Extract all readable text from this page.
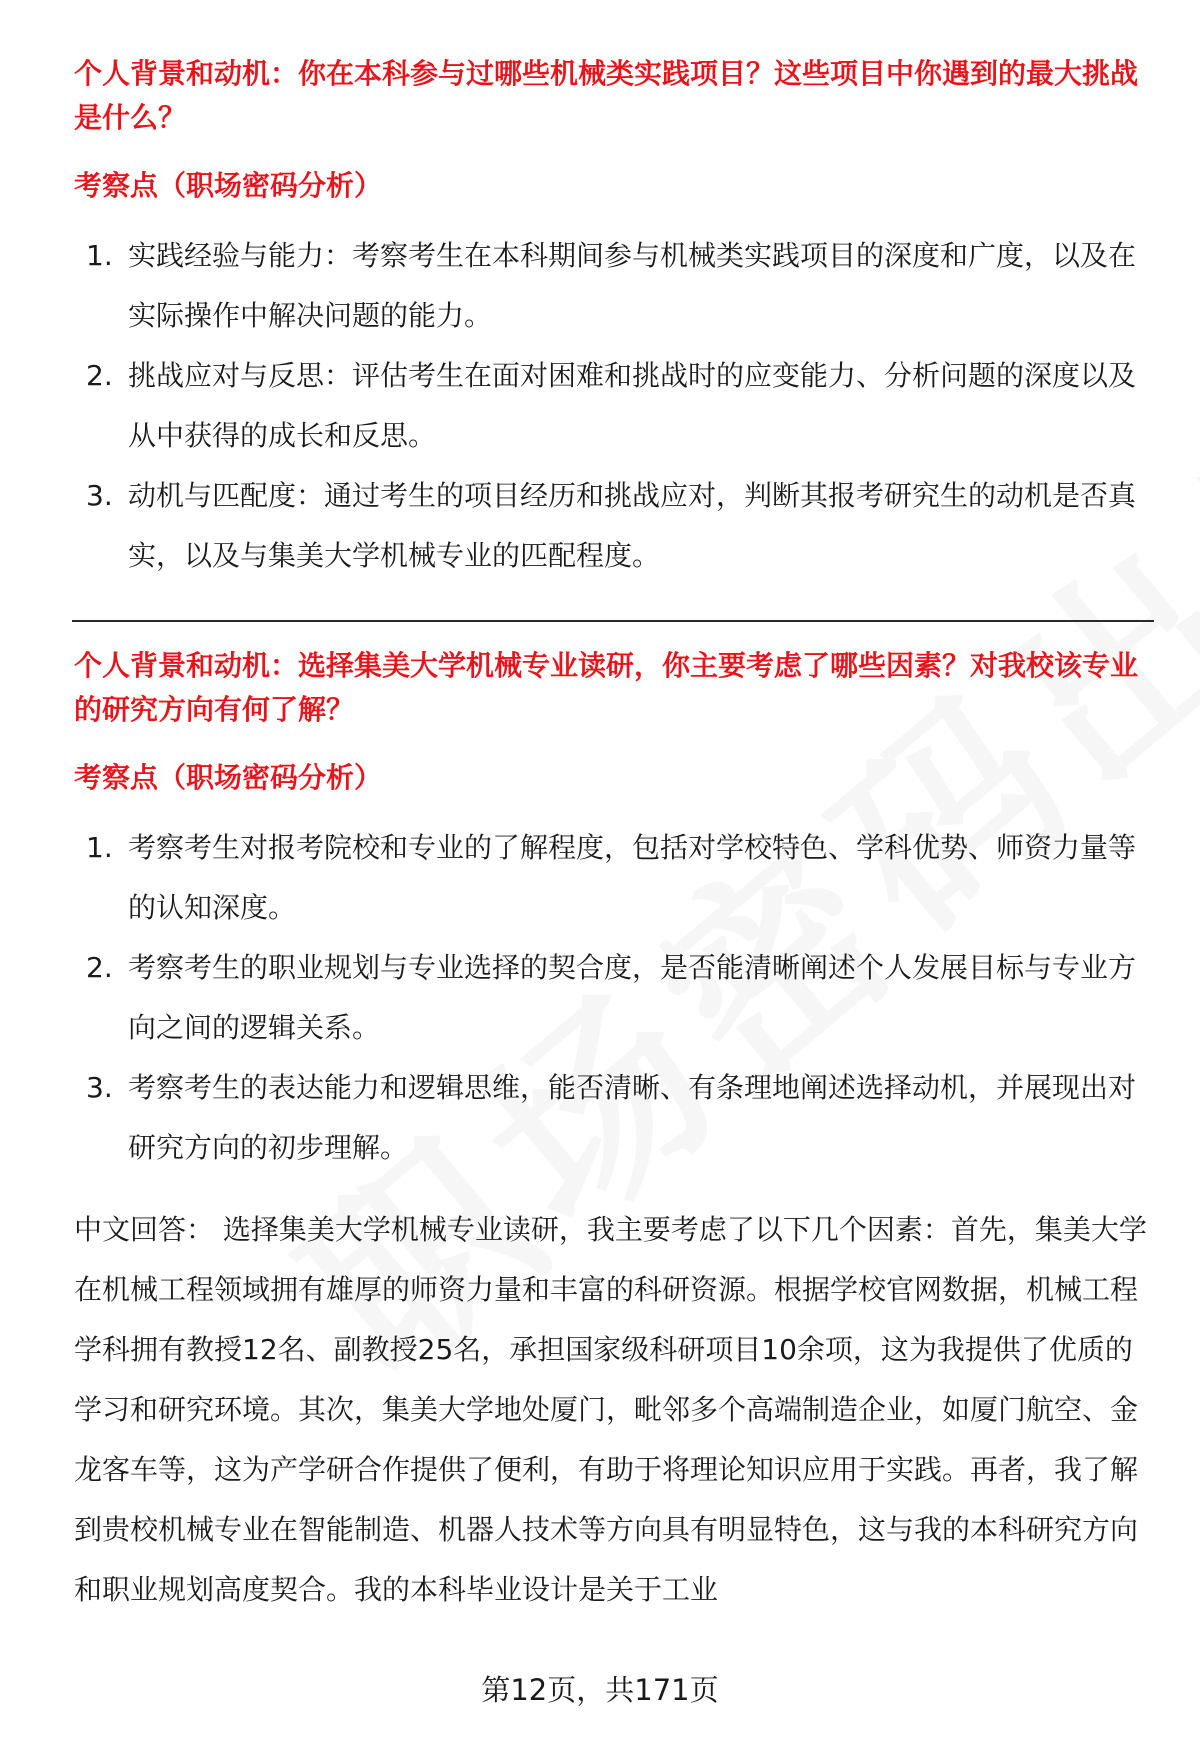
个人背景和动机：你在本科参与过哪些机械类实践项目？这些项目中你遇到的最大挑战是什么？
考察点（职场密码分析）
1. 实践经验与能力：考察考生在本科期间参与机械类实践项目的深度和广度，以及在实际操作中解决问题的能力。
2. 挑战应对与反思：评估考生在面对困难和挑战时的应变能力、分析问题的深度以及从中获得的成长和反思。
3. 动机与匹配度：通过考生的项目经历和挑战应对，判断其报考研究生的动机是否真实，以及与集美大学机械专业的匹配程度。
个人背景和动机：选择集美大学机械专业读研，你主要考虑了哪些因素？对我校该专业的研究方向有何了解？
考察点（职场密码分析）
1. 考察考生对报考院校和专业的了解程度，包括对学校特色、学科优势、师资力量等的认知深度。
2. 考察考生的职业规划与专业选择的契合度，是否能清晰阐述个人发展目标与专业方向之间的逻辑关系。
3. 考察考生的表达能力和逻辑思维，能否清晰、有条理地阐述选择动机，并展现出对研究方向的初步理解。

中文回答： 选择集美大学机械专业读研，我主要考虑了以下几个因素：首先，集美大学在机械工程领域拥有雄厚的师资力量和丰富的科研资源。根据学校官网数据，机械工程学科拥有教授12名、副教授25名，承担国家级科研项目10余项，这为我提供了优质的学习和研究环境。其次，集美大学地处厦门，毗邻多个高端制造企业，如厦门航空、金龙客车等，这为产学研合作提供了便利，有助于将理论知识应用于实践。再者，我了解到贵校机械专业在智能制造、机器人技术等方向具有明显特色，这与我的本科研究方向和职业规划高度契合。我的本科毕业设计是关于工业

第12页，共171页
